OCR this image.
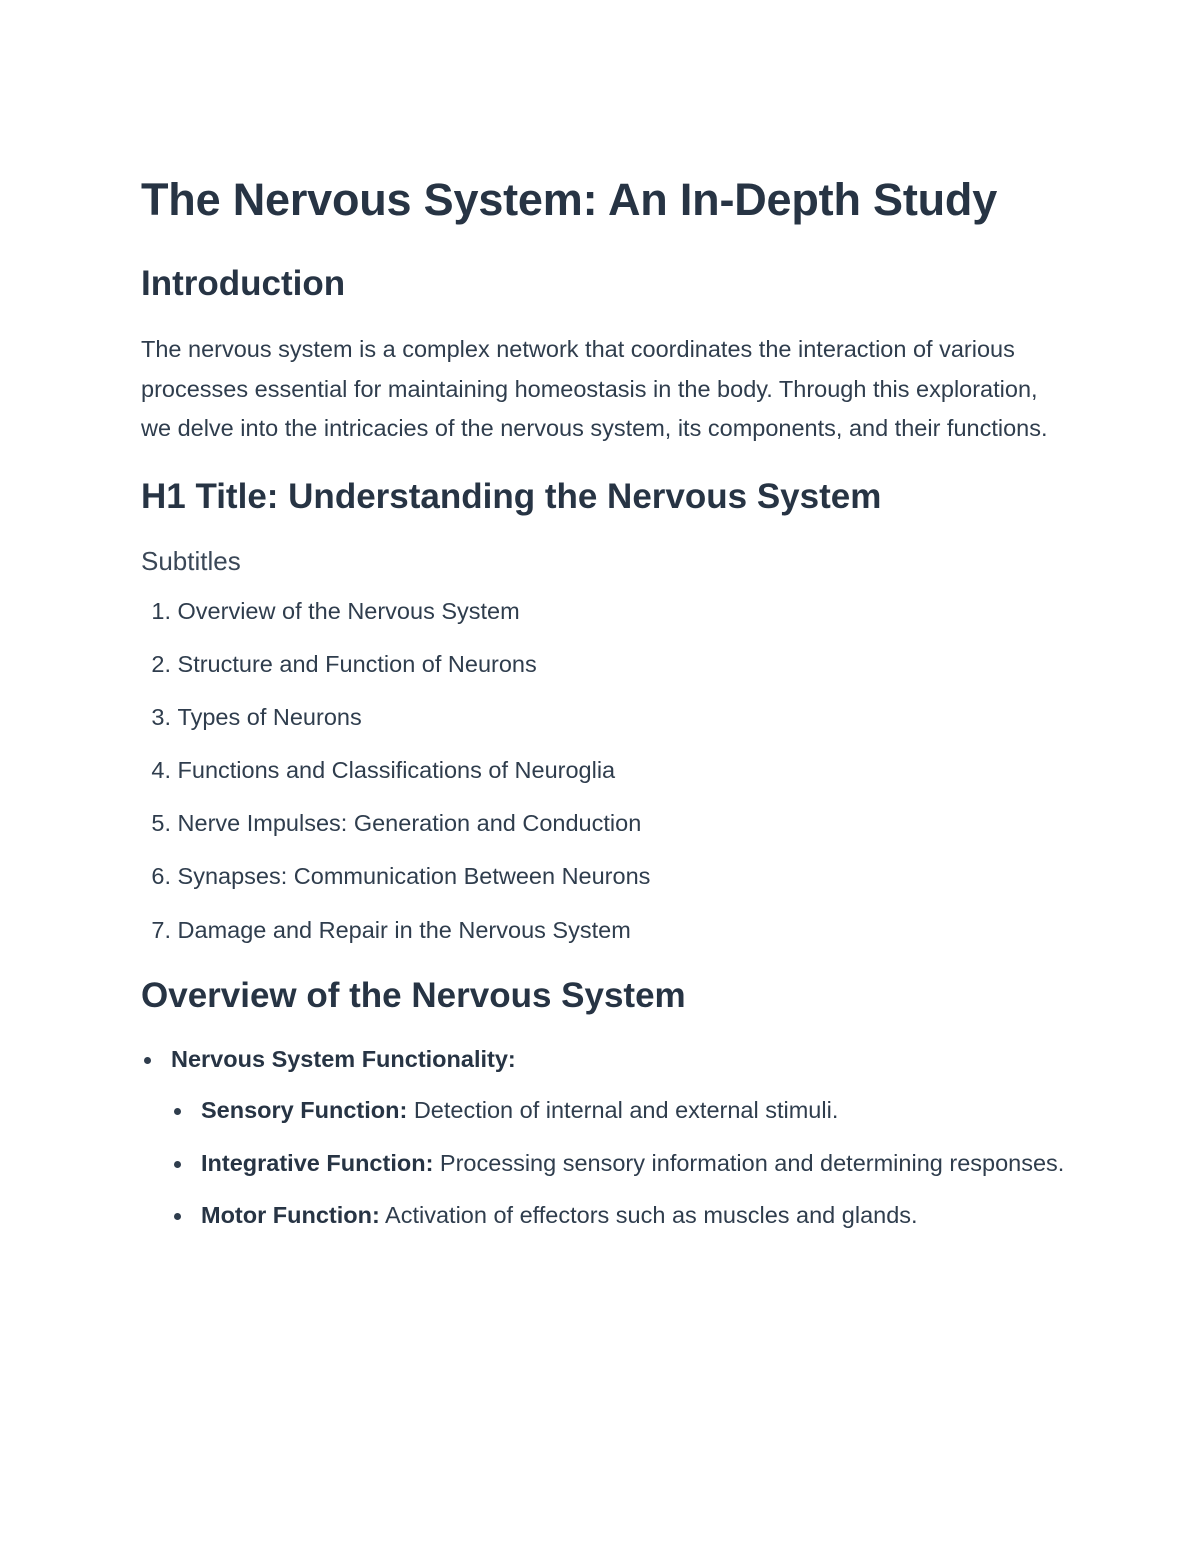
The Nervous System: An In-Depth Study
Introduction

The nervous system is a complex network that coordinates the interaction of various processes essential for maintaining homeostasis in the body. Through this exploration, we delve into the intricacies of the nervous system, its components, and their functions.

H1 Title: Understanding the Nervous System
Subtitles
1.
Overview of the Nervous System
2.
Structure and Function of Neurons
3.
Types of Neurons
4.
Functions and Classifications of Neuroglia
5.
Nerve Impulses: Generation and Conduction
6.
Synapses: Communication Between Neurons
7.
Damage and Repair in the Nervous System
Overview of the Nervous System
Nervous System Functionality:
Sensory Function: Detection of internal and external stimuli.
Integrative Function: Processing sensory information and determining responses.
Motor Function: Activation of effectors such as muscles and glands.
